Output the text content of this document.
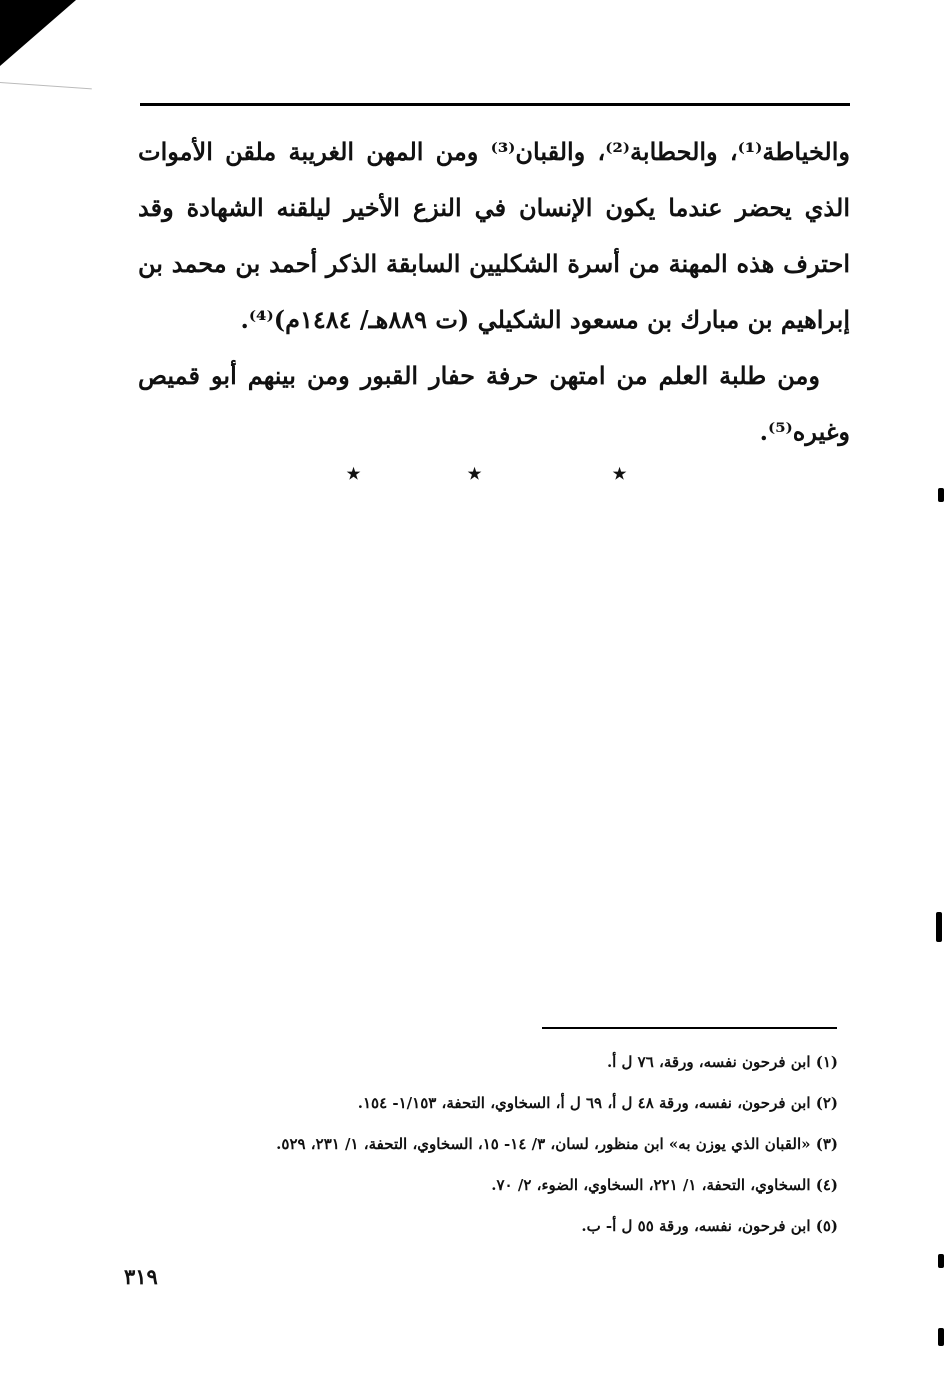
والخياطة⁽¹⁾، والحطابة⁽²⁾، والقبان⁽³⁾ ومن المهن الغريبة ملقن الأموات الذي يحضر عندما يكون الإنسان في النزع الأخير ليلقنه الشهادة وقد احترف هذه المهنة من أسرة الشكليين السابقة الذكر أحمد بن محمد بن إبراهيم بن مبارك بن مسعود الشكيلي (ت ٨٨٩هـ/ ١٤٨٤م)⁽⁴⁾.

ومن طلبة العلم من امتهن حرفة حفار القبور ومن بينهم أبو قميص وغيره⁽⁵⁾.

٭	٭	٭

(١) ابن فرحون نفسه، ورقة، ٧٦ ل أ.

(٢) ابن فرحون، نفسه، ورقة ٤٨ ل أ، ٦٩ ل أ، السخاوي، التحفة، ١/١٥٣- ١٥٤.

(٣) «القبان الذي يوزن به» ابن منظور، لسان، ٣/ ١٤- ١٥، السخاوي، التحفة، ١/ ٢٣١، ٥٢٩.

(٤) السخاوي، التحفة، ١/ ٢٢١، السخاوي، الضوء، ٢/ ٧٠.

(٥) ابن فرحون، نفسه، ورقة ٥٥ ل أ- ب.

٣١٩
